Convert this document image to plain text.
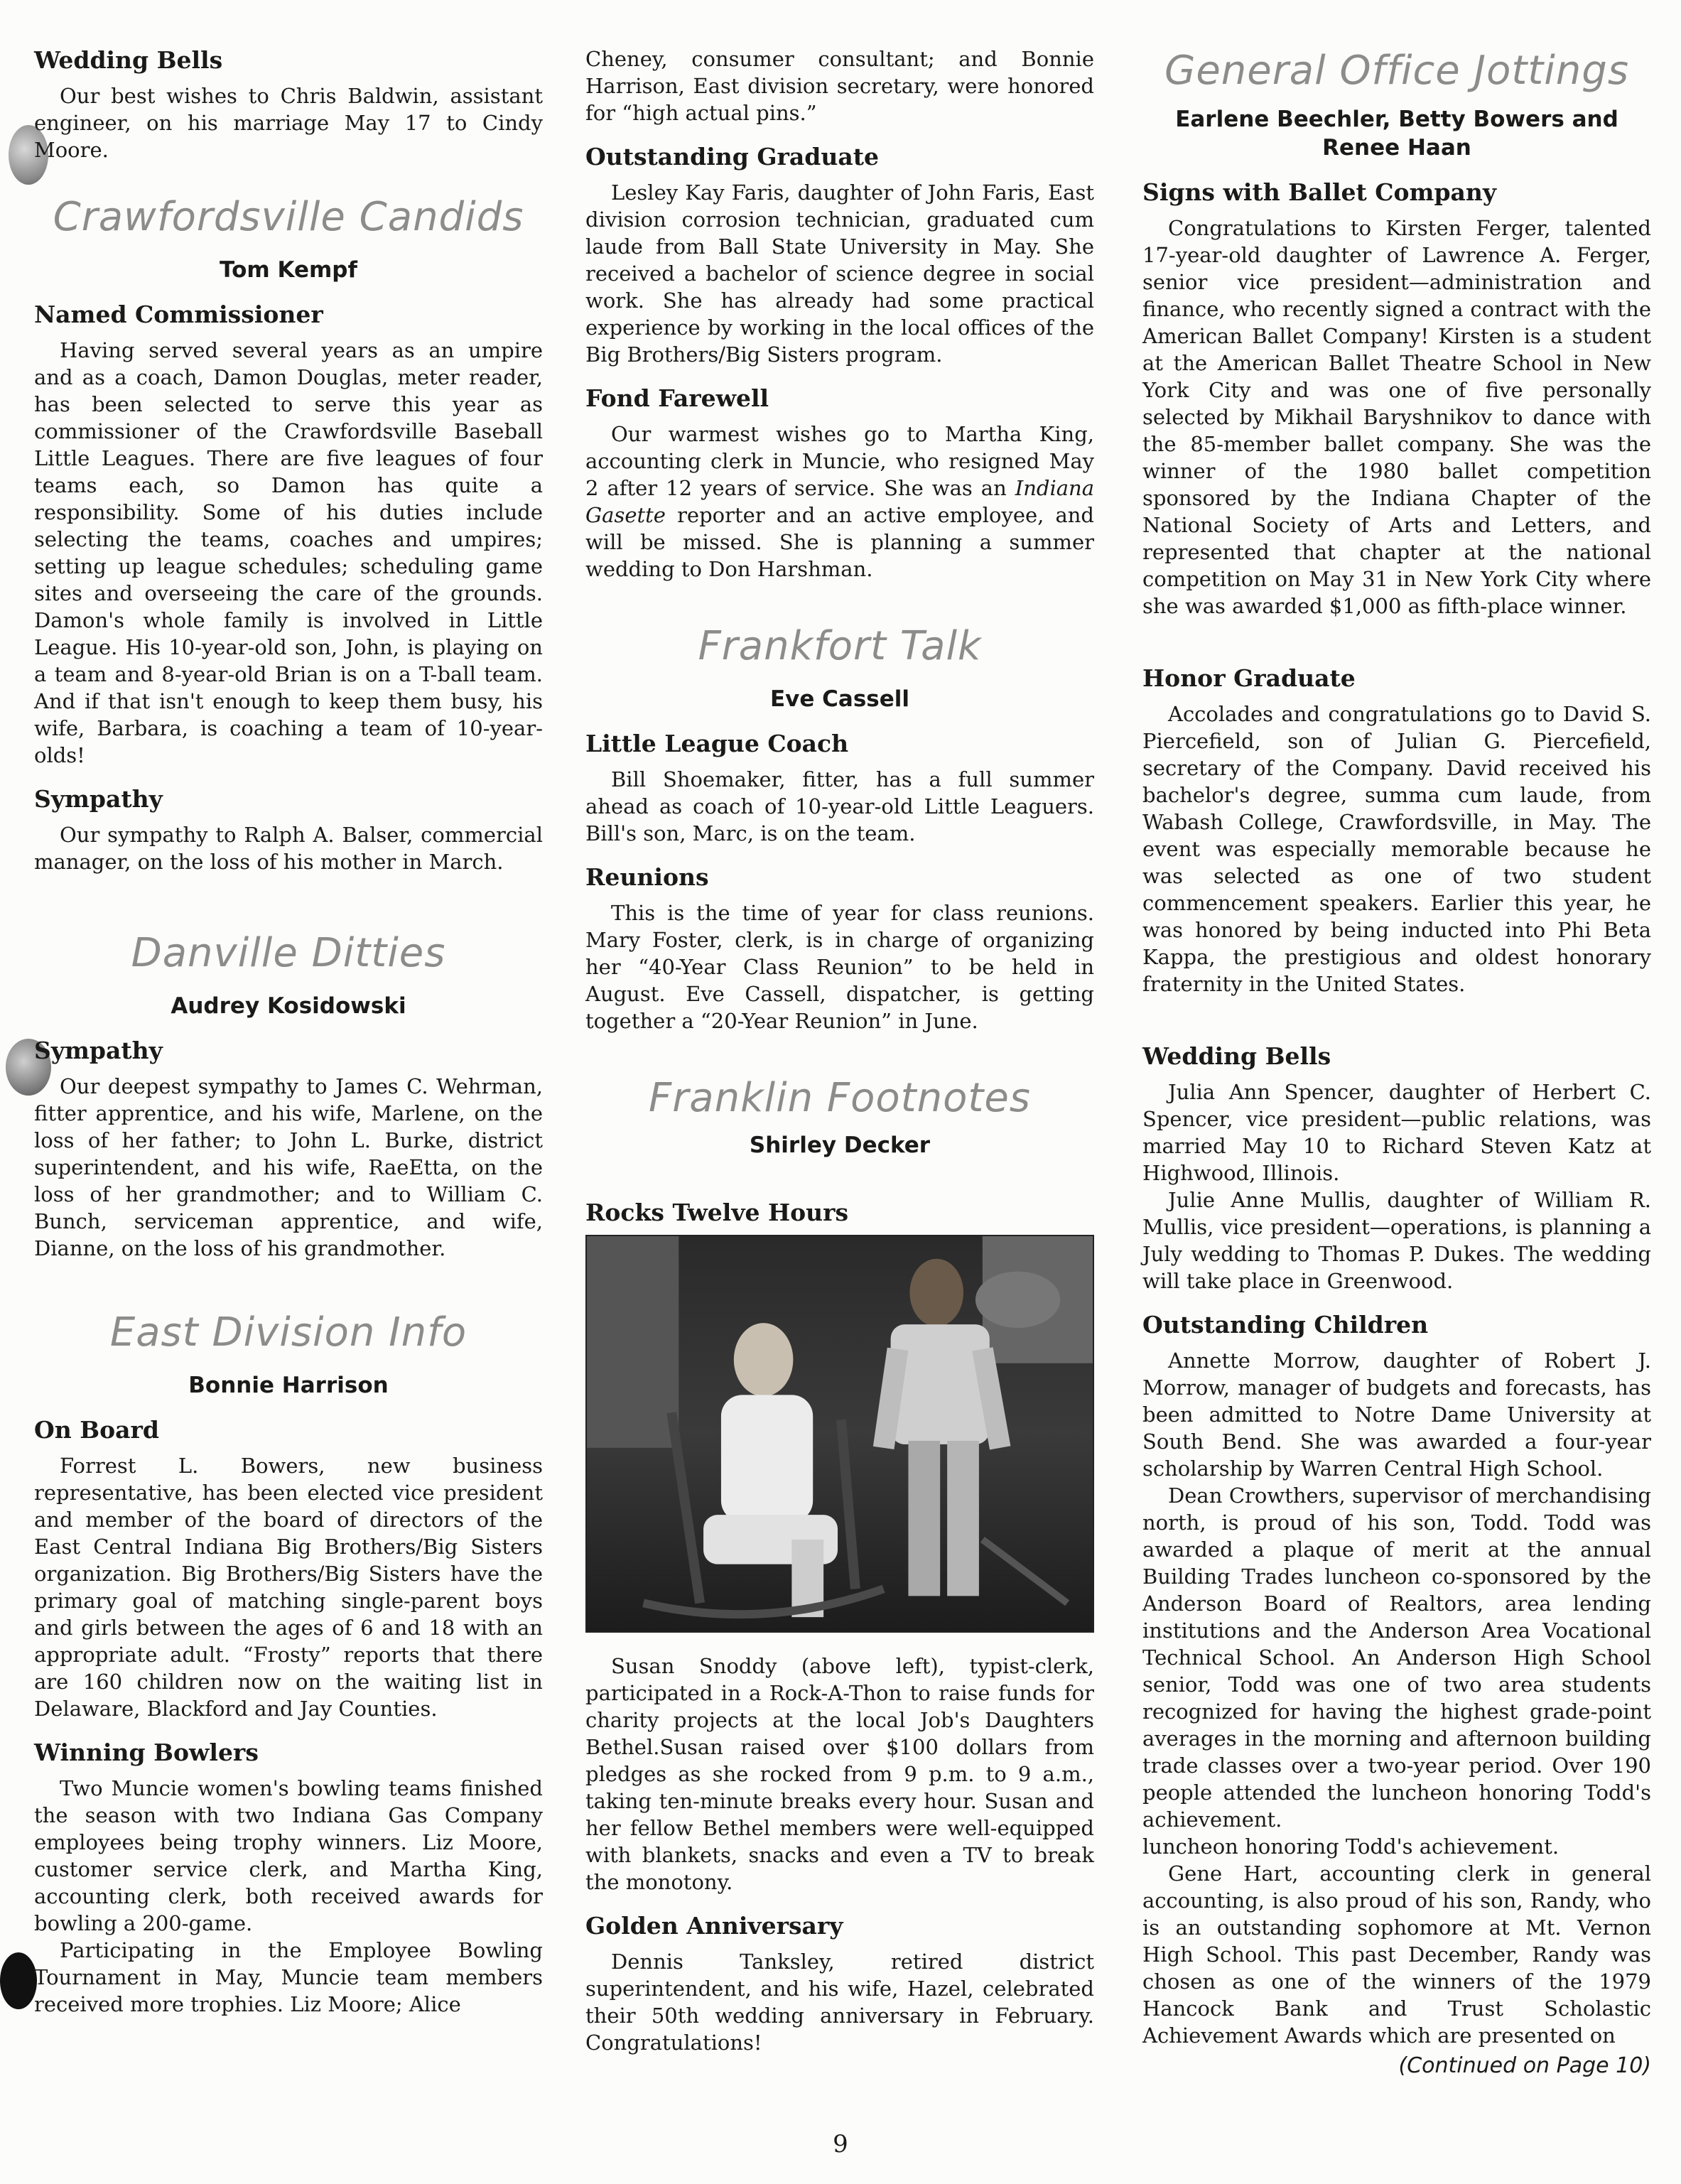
Wedding Bells
Our best wishes to Chris Baldwin, assistant engineer, on his marriage May 17 to Cindy Moore.
Crawfordsville Candids
Tom Kempf
Named Commissioner
Having served several years as an umpire and as a coach, Damon Douglas, meter reader, has been selected to serve this year as commissioner of the Crawfordsville Baseball Little Leagues. There are five leagues of four teams each, so Damon has quite a responsibility. Some of his duties include selecting the teams, coaches and umpires; setting up league schedules; scheduling game sites and overseeing the care of the grounds. Damon's whole family is involved in Little League. His 10-year-old son, John, is playing on a team and 8-year-old Brian is on a T-ball team. And if that isn't enough to keep them busy, his wife, Barbara, is coaching a team of 10-year-olds!
Sympathy
Our sympathy to Ralph A. Balser, commercial manager, on the loss of his mother in March.
Danville Ditties
Audrey Kosidowski
Sympathy
Our deepest sympathy to James C. Wehrman, fitter apprentice, and his wife, Marlene, on the loss of her father; to John L. Burke, district superintendent, and his wife, RaeEtta, on the loss of her grandmother; and to William C. Bunch, serviceman apprentice, and wife, Dianne, on the loss of his grandmother.
East Division Info
Bonnie Harrison
On Board
Forrest L. Bowers, new business representative, has been elected vice president and member of the board of directors of the East Central Indiana Big Brothers/Big Sisters organization. Big Brothers/Big Sisters have the primary goal of matching single-parent boys and girls between the ages of 6 and 18 with an appropriate adult. “Frosty” reports that there are 160 children now on the waiting list in Delaware, Blackford and Jay Counties.
Winning Bowlers
Two Muncie women's bowling teams finished the season with two Indiana Gas Company employees being trophy winners. Liz Moore, customer service clerk, and Martha King, accounting clerk, both received awards for bowling a 200-game.
Participating in the Employee Bowling Tournament in May, Muncie team members received more trophies. Liz Moore; Alice
Cheney, consumer consultant; and Bonnie Harrison, East division secretary, were honored for “high actual pins.”
Outstanding Graduate
Lesley Kay Faris, daughter of John Faris, East division corrosion technician, graduated cum laude from Ball State University in May. She received a bachelor of science degree in social work. She has already had some practical experience by working in the local offices of the Big Brothers/Big Sisters program.
Fond Farewell
Our warmest wishes go to Martha King, accounting clerk in Muncie, who resigned May 2 after 12 years of service. She was an Indiana Gasette reporter and an active employee, and will be missed. She is planning a summer wedding to Don Harshman.
Frankfort Talk
Eve Cassell
Little League Coach
Bill Shoemaker, fitter, has a full summer ahead as coach of 10-year-old Little Leaguers. Bill's son, Marc, is on the team.
Reunions
This is the time of year for class reunions. Mary Foster, clerk, is in charge of organizing her “40-Year Class Reunion” to be held in August. Eve Cassell, dispatcher, is getting together a “20-Year Reunion” in June.
Franklin Footnotes
Shirley Decker
Rocks Twelve Hours
Susan Snoddy (above left), typist-clerk, participated in a Rock-A-Thon to raise funds for charity projects at the local Job's Daughters Bethel.Susan raised over $100 dollars from pledges as she rocked from 9 p.m. to 9 a.m., taking ten-minute breaks every hour. Susan and her fellow Bethel members were well-equipped with blankets, snacks and even a TV to break the monotony.
Golden Anniversary
Dennis Tanksley, retired district superintendent, and his wife, Hazel, celebrated their 50th wedding anniversary in February. Congratulations!
General Office Jottings
Earlene Beechler, Betty Bowers and Renee Haan
Signs with Ballet Company
Congratulations to Kirsten Ferger, talented 17-year-old daughter of Lawrence A. Ferger, senior vice president—administration and finance, who recently signed a contract with the American Ballet Company! Kirsten is a student at the American Ballet Theatre School in New York City and was one of five personally selected by Mikhail Baryshnikov to dance with the 85-member ballet company. She was the winner of the 1980 ballet competition sponsored by the Indiana Chapter of the National Society of Arts and Letters, and represented that chapter at the national competition on May 31 in New York City where she was awarded $1,000 as fifth-place winner.
Honor Graduate
Accolades and congratulations go to David S. Piercefield, son of Julian G. Piercefield, secretary of the Company. David received his bachelor's degree, summa cum laude, from Wabash College, Crawfordsville, in May. The event was especially memorable because he was selected as one of two student commencement speakers. Earlier this year, he was honored by being inducted into Phi Beta Kappa, the prestigious and oldest honorary fraternity in the United States.
Wedding Bells
Julia Ann Spencer, daughter of Herbert C. Spencer, vice president—public relations, was married May 10 to Richard Steven Katz at Highwood, Illinois.
Julie Anne Mullis, daughter of William R. Mullis, vice president—operations, is planning a July wedding to Thomas P. Dukes. The wedding will take place in Greenwood.
Outstanding Children
Annette Morrow, daughter of Robert J. Morrow, manager of budgets and forecasts, has been admitted to Notre Dame University at South Bend. She was awarded a four-year scholarship by Warren Central High School.
Dean Crowthers, supervisor of merchandising north, is proud of his son, Todd. Todd was awarded a plaque of merit at the annual Building Trades luncheon co-sponsored by the Anderson Board of Realtors, area lending institutions and the Anderson Area Vocational Technical School. An Anderson High School senior, Todd was one of two area students recognized for having the highest grade-point averages in the morning and afternoon building trade classes over a two-year period. Over 190 people attended the luncheon honoring Todd's achievement.
luncheon honoring Todd's achievement.
Gene Hart, accounting clerk in general accounting, is also proud of his son, Randy, who is an outstanding sophomore at Mt. Vernon High School. This past December, Randy was chosen as one of the winners of the 1979 Hancock Bank and Trust Scholastic Achievement Awards which are presented on
(Continued on Page 10)
9
